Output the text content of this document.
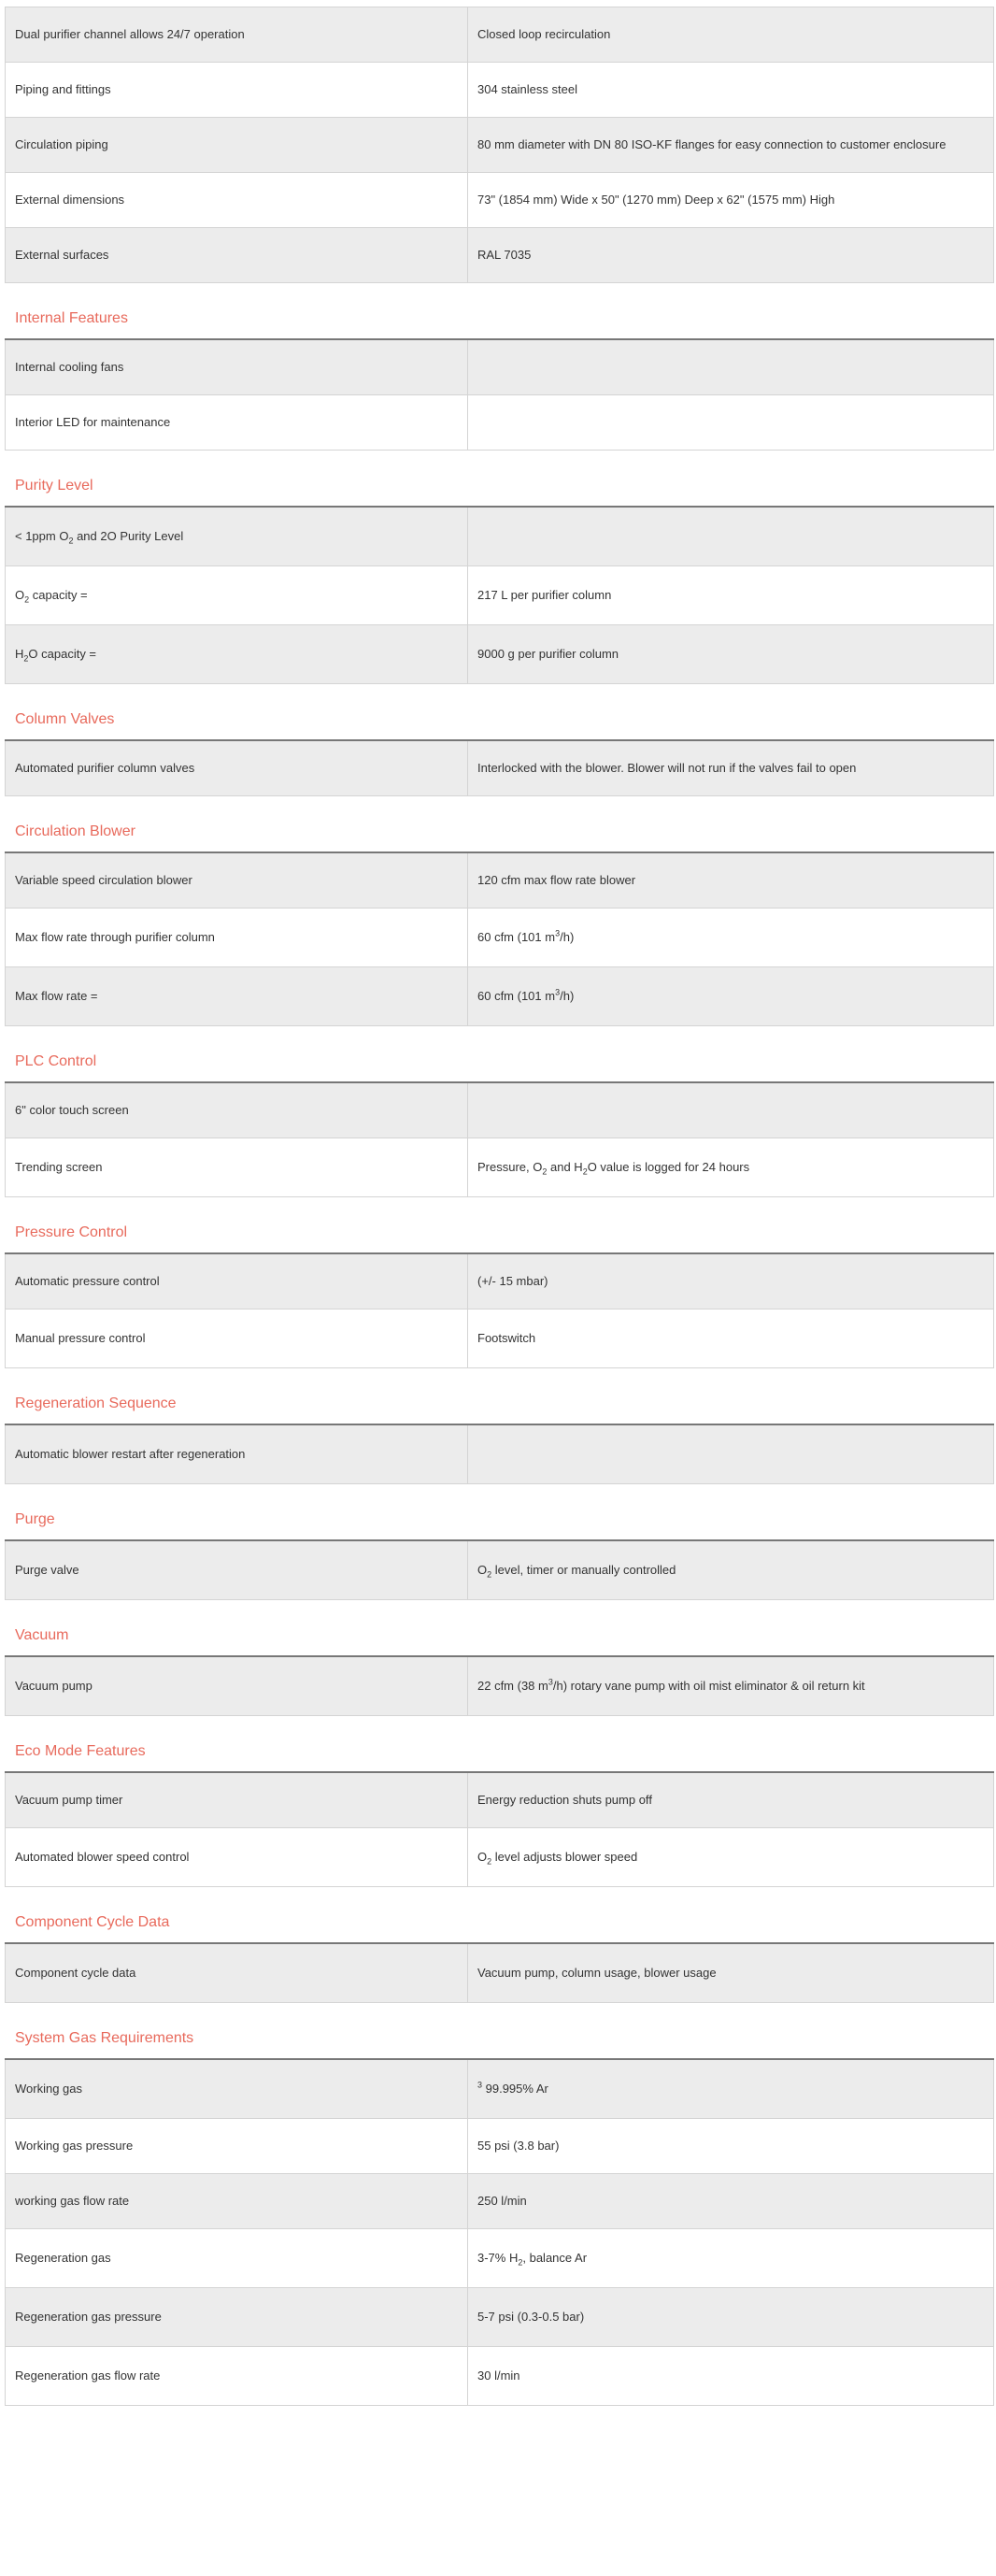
Dual purifier channel allows 24/7 operation	Closed loop recirculation
Piping and fittings	304 stainless steel
Circulation piping	80 mm diameter with DN 80 ISO-KF flanges for easy connection to customer enclosure
External dimensions	73" (1854 mm) Wide x 50" (1270 mm) Deep x 62" (1575 mm) High
External surfaces	RAL 7035
Internal Features
Internal cooling fans	
Interior LED for maintenance	
Purity Level
< 1ppm $O_2$ and 2O Purity Level	
$O_2$ capacity =	217 L per purifier column
$H_2O$ capacity =	9000 g per purifier column
Column Valves
Automated purifier column valves	Interlocked with the blower. Blower will not run if the valves fail to open
Circulation Blower
Variable speed circulation blower	120 cfm max flow rate blower
Max flow rate through purifier column	60 cfm (101 $m^3/h$)
Max flow rate =	60 cfm (101 $m^3/h$)
PLC Control
6" color touch screen	
Trending screen	Pressure, $O_2$ and $H_2O$ value is logged for 24 hours
Pressure Control
Automatic pressure control	(+/- 15 mbar)
Manual pressure control	Footswitch
Regeneration Sequence
Automatic blower restart after regeneration	
Purge
Purge valve	$O_2$ level, timer or manually controlled
Vacuum
Vacuum pump	22 cfm (38 $m^3/h$) rotary vane pump with oil mist eliminator & oil return kit
Eco Mode Features
Vacuum pump timer	Energy reduction shuts pump off
Automated blower speed control	$O_2$ level adjusts blower speed
Component Cycle Data
Component cycle data	Vacuum pump, column usage, blower usage
System Gas Requirements
Working gas	$^3$ 99.995% Ar
Working gas pressure	55 psi (3.8 bar)
working gas flow rate	250 l/min
Regeneration gas	3-7% $H_2$, balance Ar
Regeneration gas pressure	5-7 psi (0.3-0.5 bar)
Regeneration gas flow rate	30 l/min
